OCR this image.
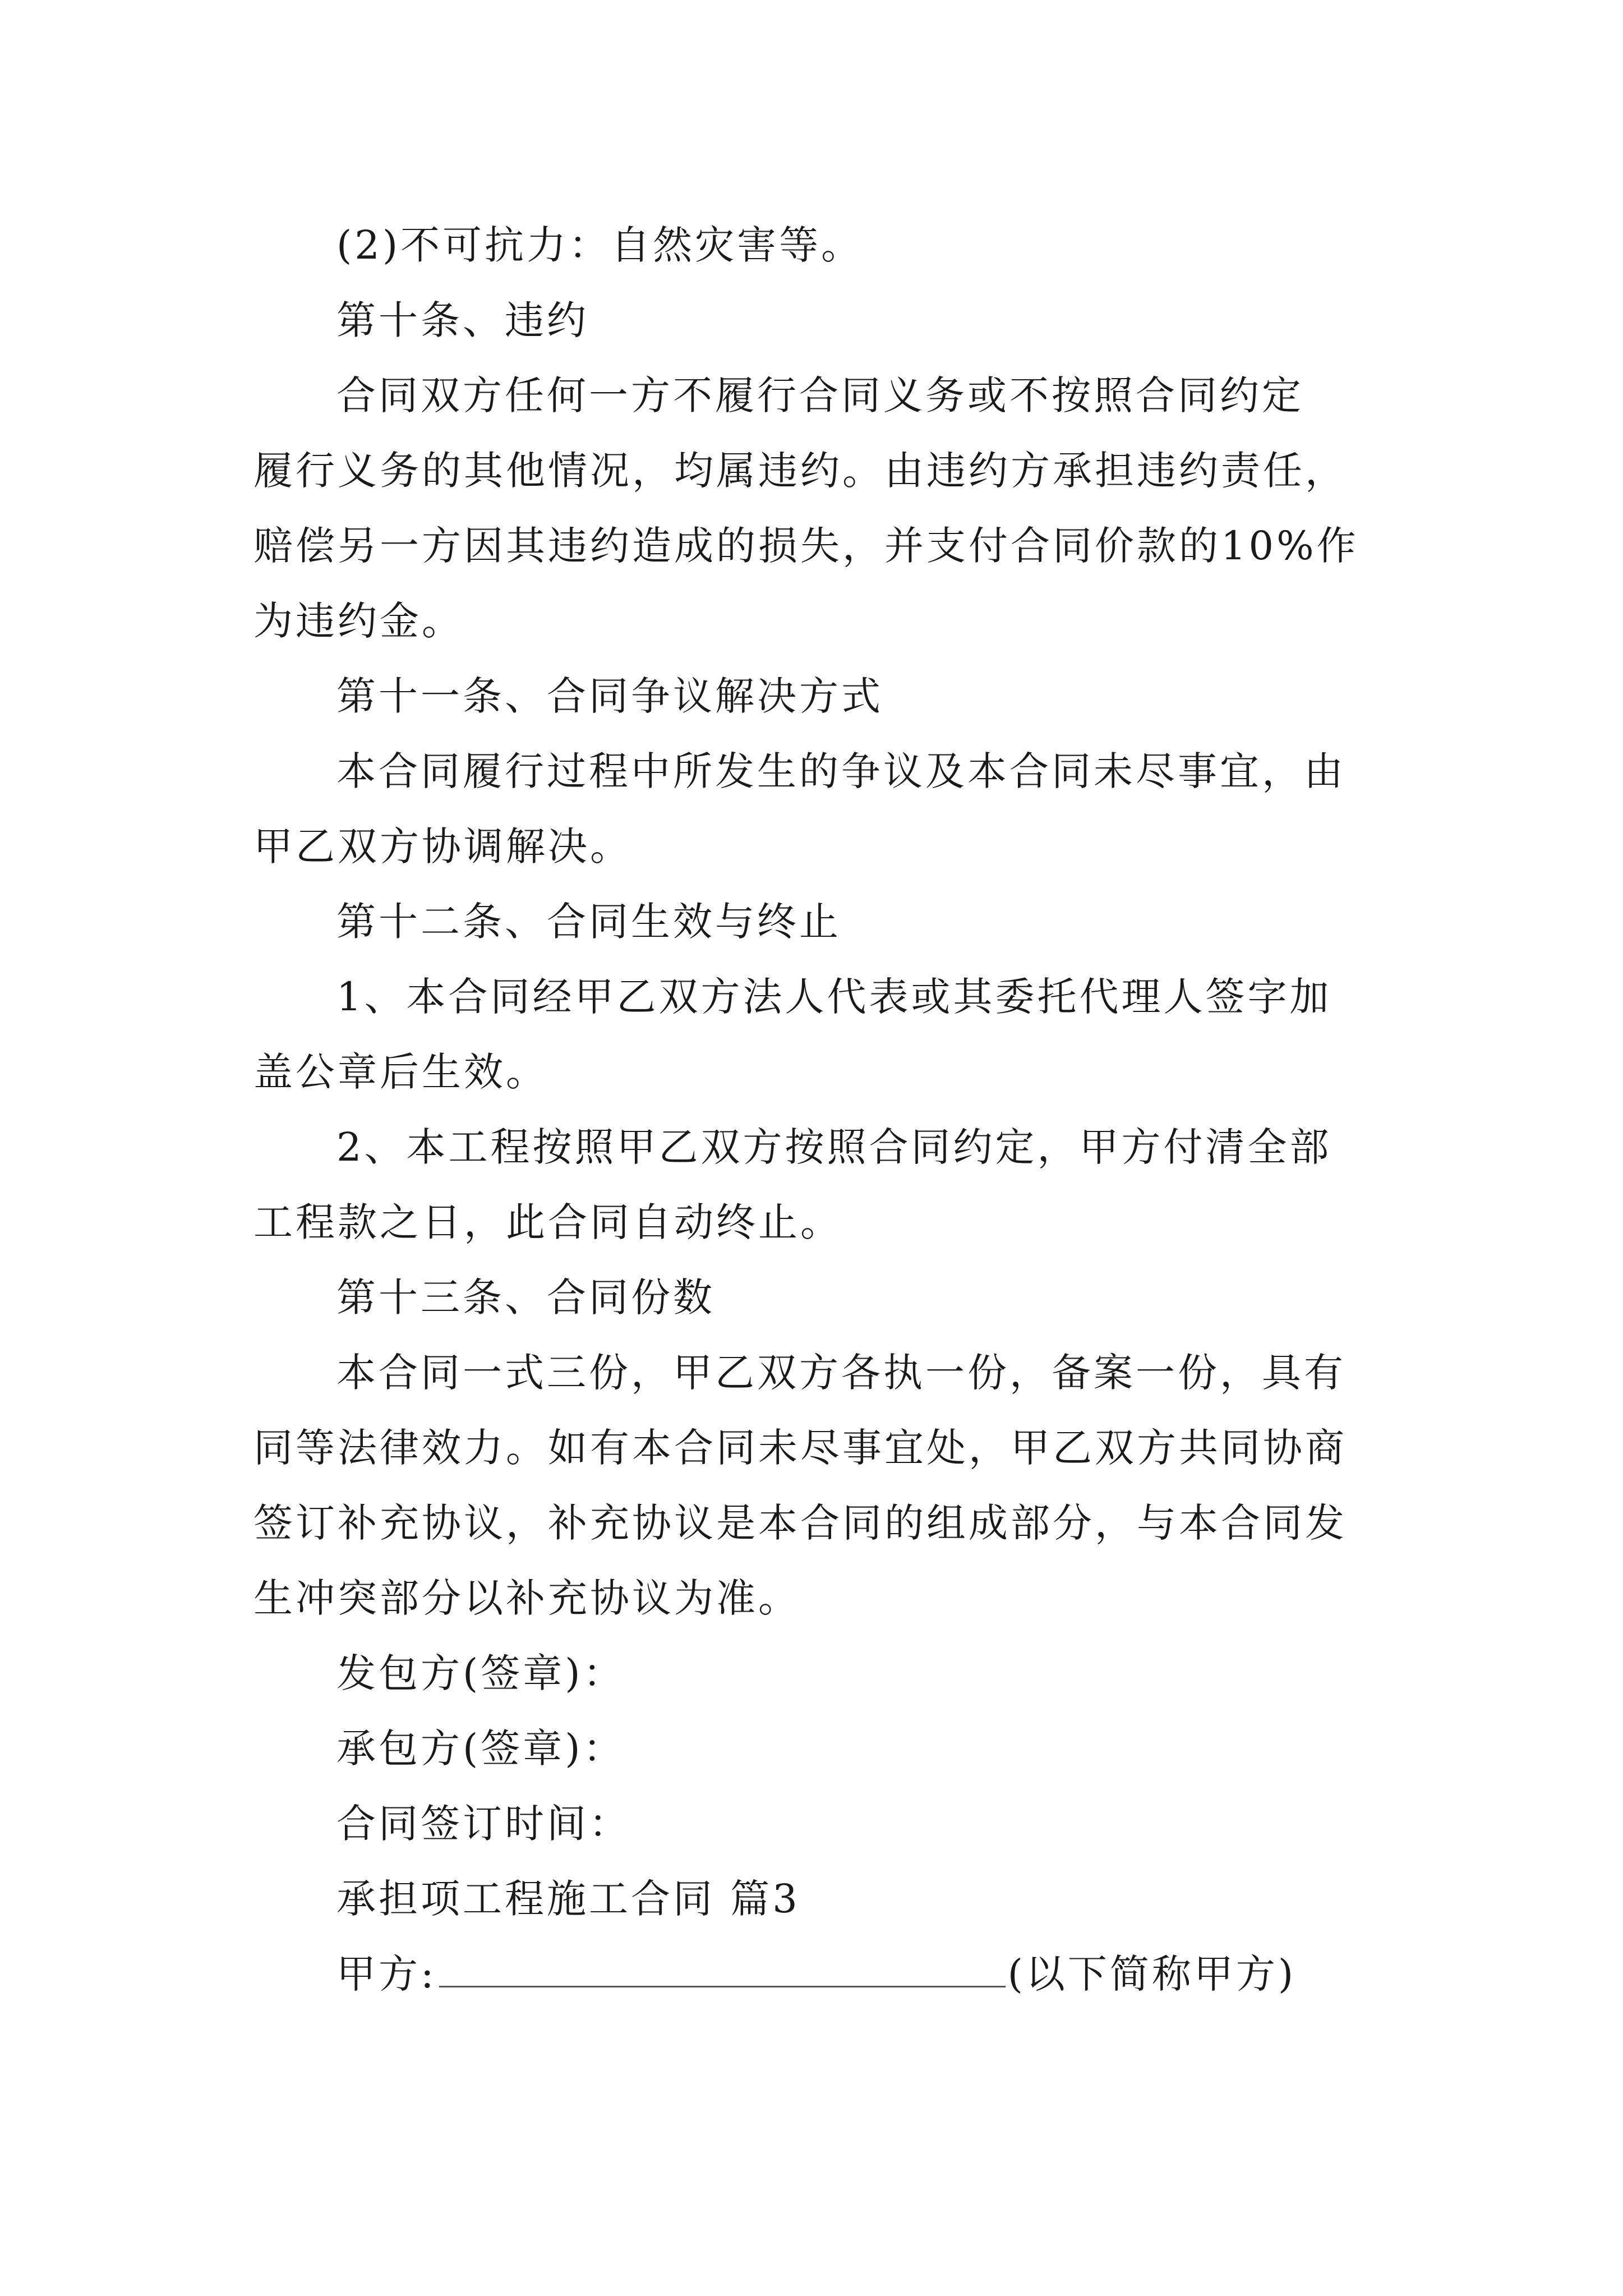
(2)不可抗力：自然灾害等。
第十条、违约
合同双方任何一方不履行合同义务或不按照合同约定
履行义务的其他情况，均属违约。由违约方承担违约责任，
赔偿另一方因其违约造成的损失，并支付合同价款的10%作
为违约金。
第十一条、合同争议解决方式
本合同履行过程中所发生的争议及本合同未尽事宜，由
甲乙双方协调解决。
第十二条、合同生效与终止
1、本合同经甲乙双方法人代表或其委托代理人签字加
盖公章后生效。
2、本工程按照甲乙双方按照合同约定，甲方付清全部
工程款之日，此合同自动终止。
第十三条、合同份数
本合同一式三份，甲乙双方各执一份，备案一份，具有
同等法律效力。如有本合同未尽事宜处，甲乙双方共同协商
签订补充协议，补充协议是本合同的组成部分，与本合同发
生冲突部分以补充协议为准。
发包方(签章)：
承包方(签章)：
合同签订时间：
承担项工程施工合同 篇3
甲方:	(以下简称甲方)
